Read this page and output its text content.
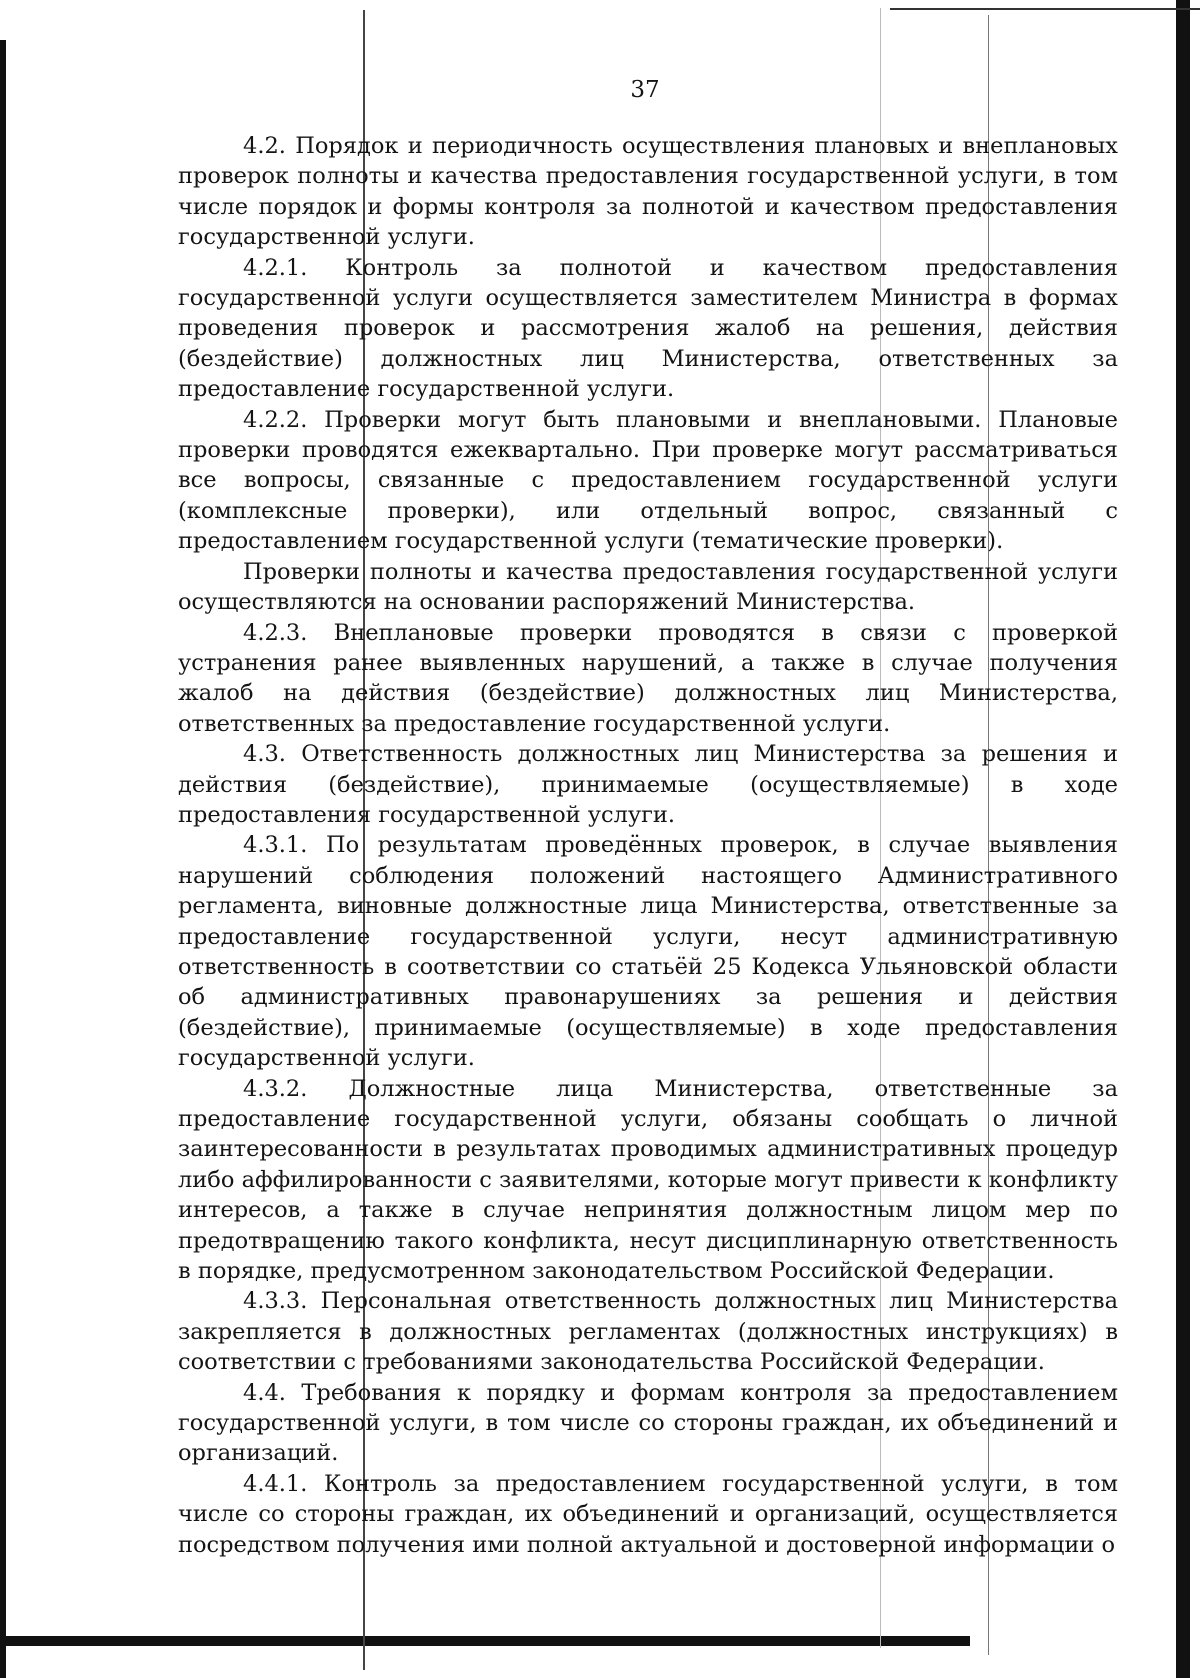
37

4.2. Порядок и периодичность осуществления плановых и внеплановых проверок полноты и качества предоставления государственной услуги, в том числе порядок и формы контроля за полнотой и качеством предоставления государственной услуги.

4.2.1. Контроль за полнотой и качеством предоставления государственной услуги осуществляется заместителем Министра в формах проведения проверок и рассмотрения жалоб на решения, действия (бездействие) должностных лиц Министерства, ответственных за предоставление государственной услуги.

4.2.2. Проверки могут быть плановыми и внеплановыми. Плановые проверки проводятся ежеквартально. При проверке могут рассматриваться все вопросы, связанные с предоставлением государственной услуги (комплексные проверки), или отдельный вопрос, связанный с предоставлением государственной услуги (тематические проверки).

Проверки полноты и качества предоставления государственной услуги осуществляются на основании распоряжений Министерства.

4.2.3. Внеплановые проверки проводятся в связи с проверкой устранения ранее выявленных нарушений, а также в случае получения жалоб на действия (бездействие) должностных лиц Министерства, ответственных за предоставление государственной услуги.

4.3. Ответственность должностных лиц Министерства за решения и действия (бездействие), принимаемые (осуществляемые) в ходе предоставления государственной услуги.

4.3.1. По результатам проведённых проверок, в случае выявления нарушений соблюдения положений настоящего Административного регламента, виновные должностные лица Министерства, ответственные за предоставление государственной услуги, несут административную ответственность в соответствии со статьёй 25 Кодекса Ульяновской области об административных правонарушениях за решения и действия (бездействие), принимаемые (осуществляемые) в ходе предоставления государственной услуги.

4.3.2. Должностные лица Министерства, ответственные за предоставление государственной услуги, обязаны сообщать о личной заинтересованности в результатах проводимых административных процедур либо аффилированности с заявителями, которые могут привести к конфликту интересов, а также в случае непринятия должностным лицом мер по предотвращению такого конфликта, несут дисциплинарную ответственность в порядке, предусмотренном законодательством Российской Федерации.

4.3.3. Персональная ответственность должностных лиц Министерства закрепляется в должностных регламентах (должностных инструкциях) в соответствии с требованиями законодательства Российской Федерации.

4.4. Требования к порядку и формам контроля за предоставлением государственной услуги, в том числе со стороны граждан, их объединений и организаций.

4.4.1. Контроль за предоставлением государственной услуги, в том числе со стороны граждан, их объединений и организаций, осуществляется посредством получения ими полной актуальной и достоверной информации о
